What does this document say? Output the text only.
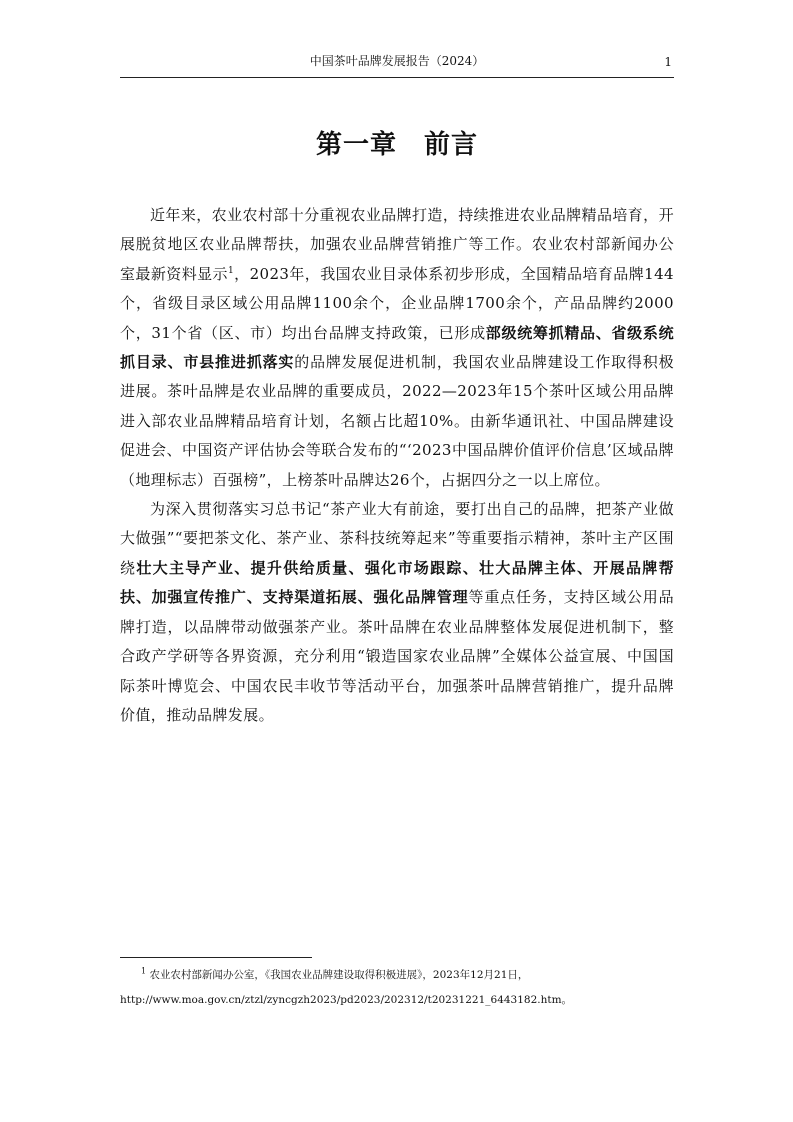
中国茶叶品牌发展报告（2024）	1
第一章　前言

近年来，农业农村部十分重视农业品牌打造，持续推进农业品牌精品培育，开展脱贫地区农业品牌帮扶，加强农业品牌营销推广等工作。农业农村部新闻办公室最新资料显示$^1$，2023年，我国农业目录体系初步形成，全国精品培育品牌144个，省级目录区域公用品牌1100余个，企业品牌1700余个，产品品牌约2000个，31个省（区、市）均出台品牌支持政策，已形成部级统筹抓精品、省级系统抓目录、市县推进抓落实的品牌发展促进机制，我国农业品牌建设工作取得积极进展。茶叶品牌是农业品牌的重要成员，2022—2023年15个茶叶区域公用品牌进入部农业品牌精品培育计划，名额占比超10%。由新华通讯社、中国品牌建设促进会、中国资产评估协会等联合发布的“‘2023中国品牌价值评价信息’区域品牌（地理标志）百强榜”，上榜茶叶品牌达26个，占据四分之一以上席位。

为深入贯彻落实习总书记“茶产业大有前途，要打出自己的品牌，把茶产业做大做强”“要把茶文化、茶产业、茶科技统筹起来”等重要指示精神，茶叶主产区围绕壮大主导产业、提升供给质量、强化市场跟踪、壮大品牌主体、开展品牌帮扶、加强宣传推广、支持渠道拓展、强化品牌管理等重点任务，支持区域公用品牌打造，以品牌带动做强茶产业。茶叶品牌在农业品牌整体发展促进机制下，整合政产学研等各界资源，充分利用“锻造国家农业品牌”全媒体公益宣展、中国国际茶叶博览会、中国农民丰收节等活动平台，加强茶叶品牌营销推广，提升品牌价值，推动品牌发展。

$^1$ 农业农村部新闻办公室，《我国农业品牌建设取得积极进展》，2023年12月21日，
http://www.moa.gov.cn/ztzl/zyncgzh2023/pd2023/202312/t20231221_6443182.htm。
